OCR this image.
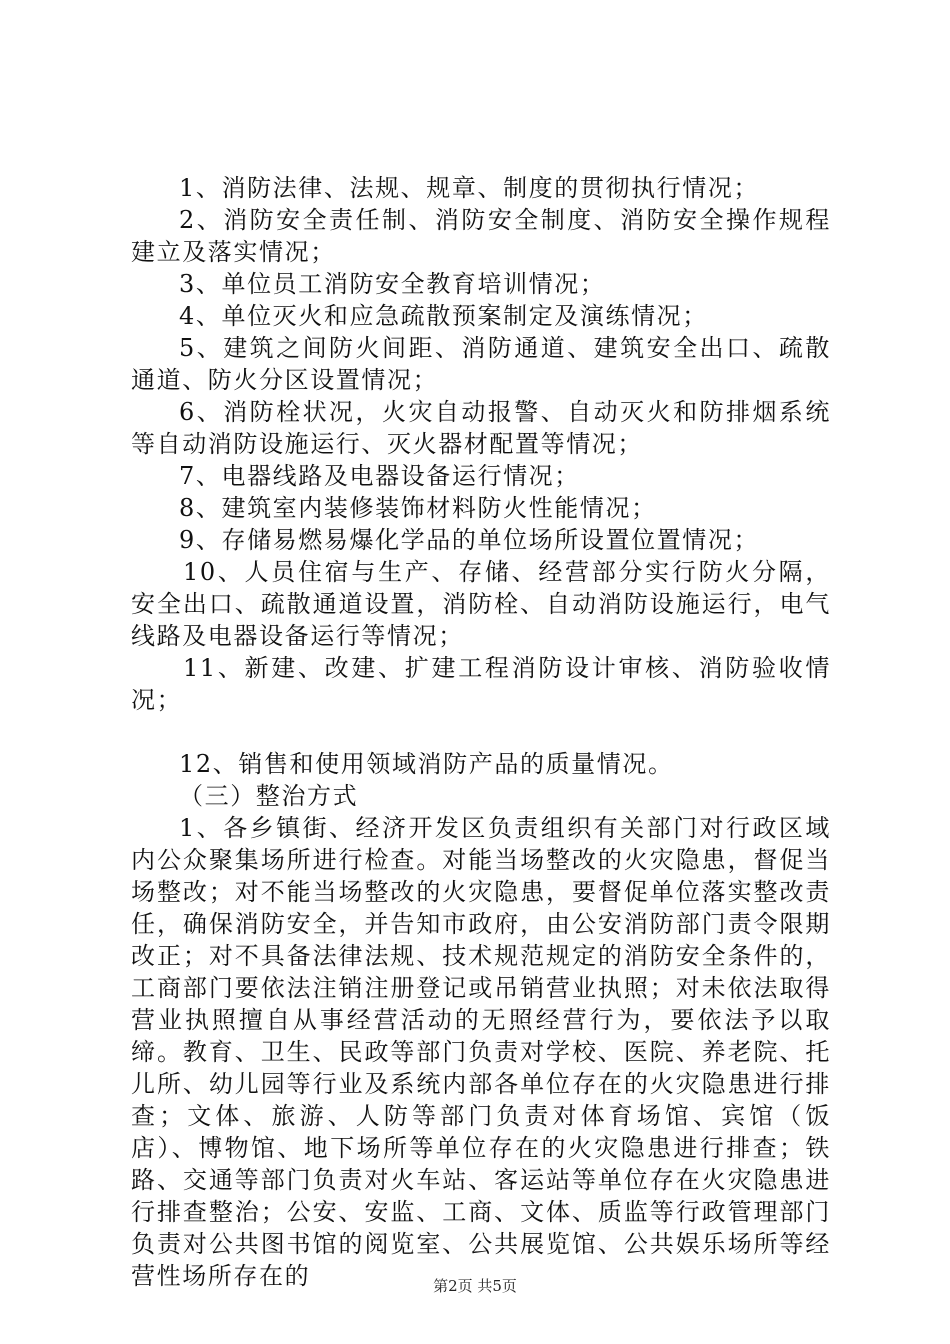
1、消防法律、法规、规章、制度的贯彻执行情况；

2、消防安全责任制、消防安全制度、消防安全操作规程建立及落实情况；

3、单位员工消防安全教育培训情况；

4、单位灭火和应急疏散预案制定及演练情况；

5、建筑之间防火间距、消防通道、建筑安全出口、疏散通道、防火分区设置情况；

6、消防栓状况，火灾自动报警、自动灭火和防排烟系统等自动消防设施运行、灭火器材配置等情况；

7、电器线路及电器设备运行情况；

8、建筑室内装修装饰材料防火性能情况；

9、存储易燃易爆化学品的单位场所设置位置情况；

10、人员住宿与生产、存储、经营部分实行防火分隔，安全出口、疏散通道设置，消防栓、自动消防设施运行，电气线路及电器设备运行等情况；

11、新建、改建、扩建工程消防设计审核、消防验收情况；

12、销售和使用领域消防产品的质量情况。

（三）整治方式

1、各乡镇街、经济开发区负责组织有关部门对行政区域内公众聚集场所进行检查。对能当场整改的火灾隐患，督促当场整改；对不能当场整改的火灾隐患，要督促单位落实整改责任，确保消防安全，并告知市政府，由公安消防部门责令限期改正；对不具备法律法规、技术规范规定的消防安全条件的，工商部门要依法注销注册登记或吊销营业执照；对未依法取得营业执照擅自从事经营活动的无照经营行为，要依法予以取缔。教育、卫生、民政等部门负责对学校、医院、养老院、托儿所、幼儿园等行业及系统内部各单位存在的火灾隐患进行排查；文体、旅游、人防等部门负责对体育场馆、宾馆（饭店）、博物馆、地下场所等单位存在的火灾隐患进行排查；铁路、交通等部门负责对火车站、客运站等单位存在火灾隐患进行排查整治；公安、安监、工商、文体、质监等行政管理部门负责对公共图书馆的阅览室、公共展览馆、公共娱乐场所等经营性场所存在的	第2页 共5页
